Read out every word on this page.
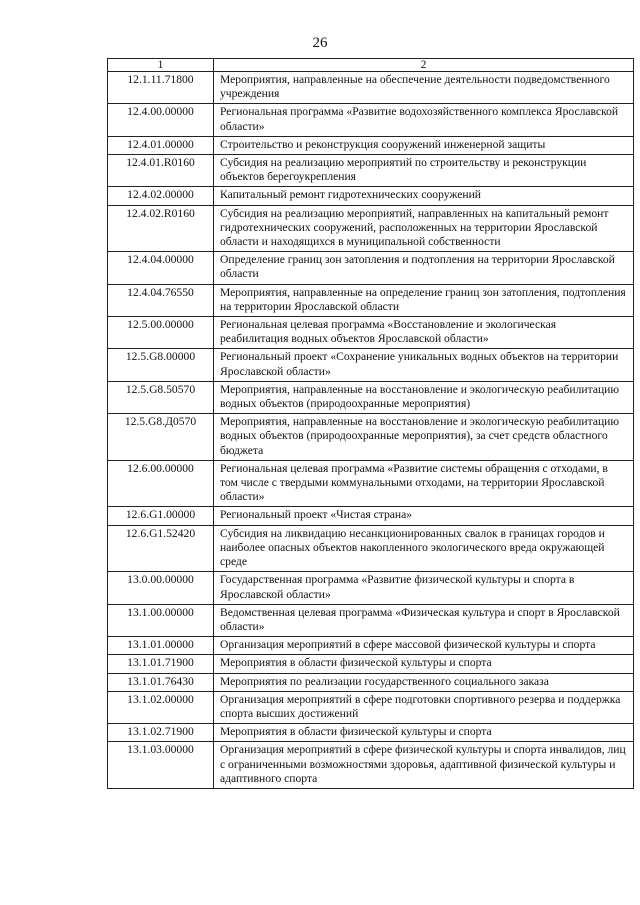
26
1	2
12.1.11.71800	Мероприятия, направленные на обеспечение деятельности подведомственного учреждения
12.4.00.00000	Региональная программа «Развитие водохозяйственного комплекса Ярославской области»
12.4.01.00000	Строительство и реконструкция сооружений инженерной защиты
12.4.01.R0160	Субсидия на реализацию мероприятий по строительству и реконструкции объектов берегоукрепления
12.4.02.00000	Капитальный ремонт гидротехнических сооружений
12.4.02.R0160	Субсидия на реализацию мероприятий, направленных на капитальный ремонт гидротехнических сооружений, расположенных на территории Ярославской области и находящихся в муниципальной собственности
12.4.04.00000	Определение границ зон затопления и подтопления на территории Ярославской области
12.4.04.76550	Мероприятия, направленные на определение границ зон затопления, подтопления на территории Ярославской области
12.5.00.00000	Региональная целевая программа «Восстановление и экологическая реабилитация водных объектов Ярославской области»
12.5.G8.00000	Региональный проект «Сохранение уникальных водных объектов на территории Ярославской области»
12.5.G8.50570	Мероприятия, направленные на восстановление и экологическую реабилитацию водных объектов (природоохранные мероприятия)
12.5.G8.Д0570	Мероприятия, направленные на восстановление и экологическую реабилитацию водных объектов (природоохранные мероприятия), за счет средств областного бюджета
12.6.00.00000	Региональная целевая программа «Развитие системы обращения с отходами, в том числе с твердыми коммунальными отходами, на территории Ярославской области»
12.6.G1.00000	Региональный проект «Чистая страна»
12.6.G1.52420	Субсидия на ликвидацию несанкционированных свалок в границах городов и наиболее опасных объектов накопленного экологического вреда окружающей среде
13.0.00.00000	Государственная программа «Развитие физической культуры и спорта в Ярославской области»
13.1.00.00000	Ведомственная целевая программа «Физическая культура и спорт в Ярославской области»
13.1.01.00000	Организация мероприятий в сфере массовой физической культуры и спорта
13.1.01.71900	Мероприятия в области физической культуры и спорта
13.1.01.76430	Мероприятия по реализации государственного социального заказа
13.1.02.00000	Организация мероприятий в сфере подготовки спортивного резерва и поддержка спорта высших достижений
13.1.02.71900	Мероприятия в области физической культуры и спорта
13.1.03.00000	Организация мероприятий в сфере физической культуры и спорта инвалидов, лиц с ограниченными возможностями здоровья, адаптивной физической культуры и адаптивного спорта
